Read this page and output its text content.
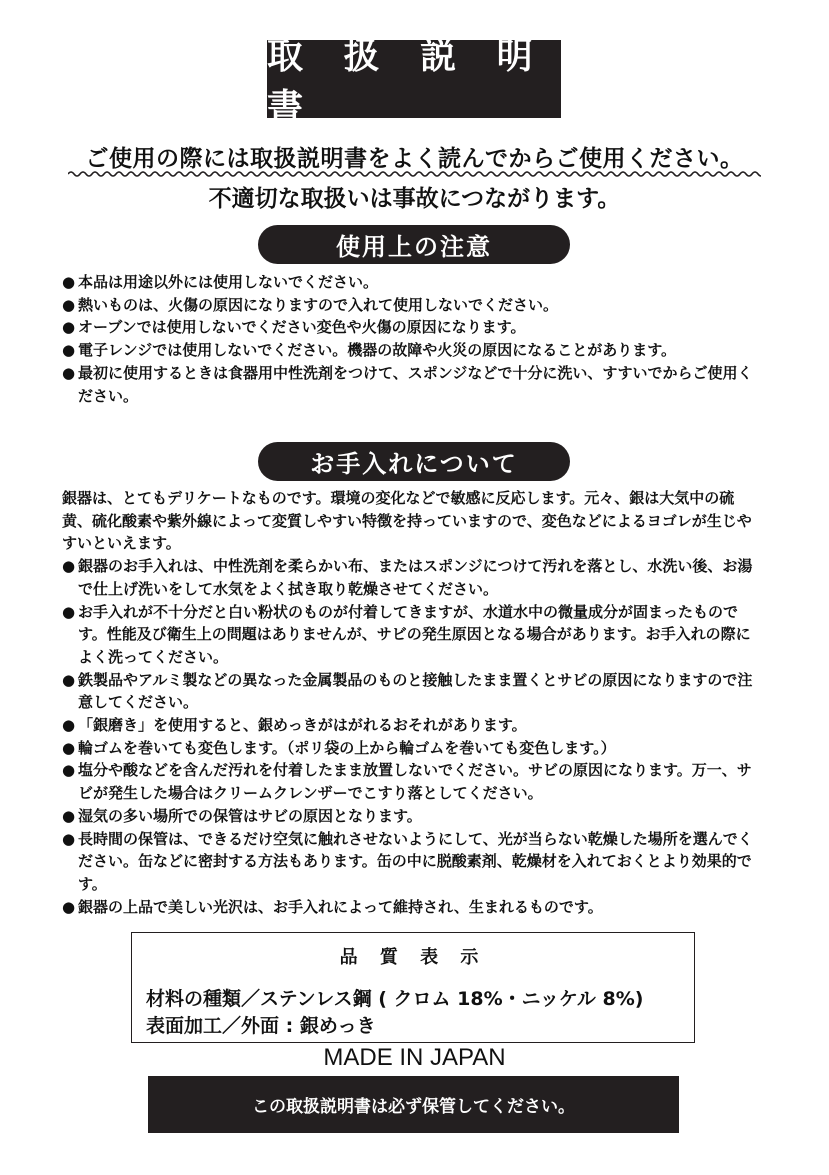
取 扱 説 明 書
ご使用の際には取扱説明書をよく読んでからご使用ください。
不適切な取扱いは事故につながります。
使用上の注意
● 本品は用途以外には使用しないでください。
● 熱いものは、火傷の原因になりますので入れて使用しないでください。
● オーブンでは使用しないでください変色や火傷の原因になります。
● 電子レンジでは使用しないでください。機器の故障や火災の原因になることがあります。
● 最初に使用するときは食器用中性洗剤をつけて、スポンジなどで十分に洗い、すすいでからご使用ください。
お手入れについて

銀器は、とてもデリケートなものです。環境の変化などで敏感に反応します。元々、銀は大気中の硫黄、硫化酸素や紫外線によって変質しやすい特徴を持っていますので、変色などによるヨゴレが生じやすいといえます。

● 銀器のお手入れは、中性洗剤を柔らかい布、またはスポンジにつけて汚れを落とし、水洗い後、お湯で仕上げ洗いをして水気をよく拭き取り乾燥させてください。
● お手入れが不十分だと白い粉状のものが付着してきますが、水道水中の微量成分が固まったものです。性能及び衛生上の問題はありませんが、サビの発生原因となる場合があります。お手入れの際によく洗ってください。
● 鉄製品やアルミ製などの異なった金属製品のものと接触したまま置くとサビの原因になりますので注意してください。
● 「銀磨き」を使用すると、銀めっきがはがれるおそれがあります。
● 輪ゴムを巻いても変色します。（ポリ袋の上から輪ゴムを巻いても変色します。）
● 塩分や酸などを含んだ汚れを付着したまま放置しないでください。サビの原因になります。万一、サビが発生した場合はクリームクレンザーでこすり落としてください。
● 湿気の多い場所での保管はサビの原因となります。
● 長時間の保管は、できるだけ空気に触れさせないようにして、光が当らない乾燥した場所を選んでください。缶などに密封する方法もあります。缶の中に脱酸素剤、乾燥材を入れておくとより効果的です。
● 銀器の上品で美しい光沢は、お手入れによって維持され、生まれるものです。
品 質 表 示
材料の種類／ステンレス鋼 ( クロム 18%・ニッケル 8%)
表面加工／外面 : 銀めっき
MADE IN JAPAN
この取扱説明書は必ず保管してください。
